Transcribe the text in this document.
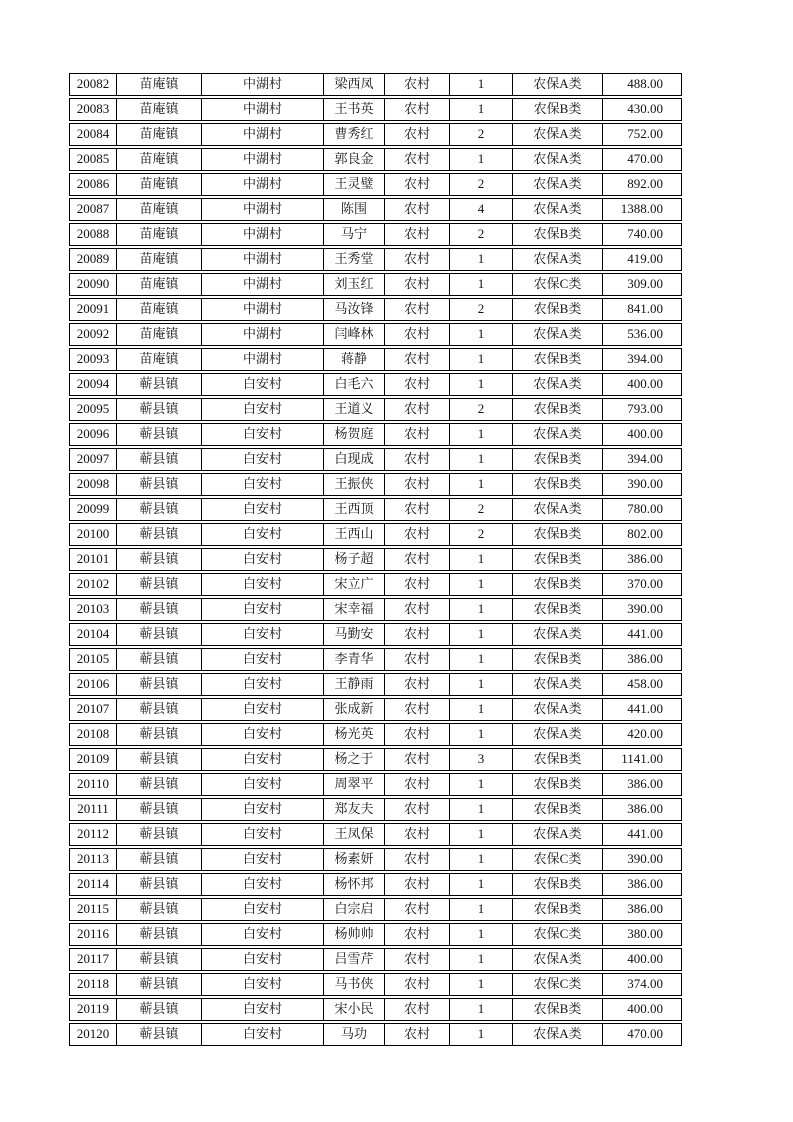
20082	苗庵镇	中湖村	梁西凤	农村	1	农保A类	488.00
20083	苗庵镇	中湖村	王书英	农村	1	农保B类	430.00
20084	苗庵镇	中湖村	曹秀红	农村	2	农保A类	752.00
20085	苗庵镇	中湖村	郭良金	农村	1	农保A类	470.00
20086	苗庵镇	中湖村	王灵璧	农村	2	农保A类	892.00
20087	苗庵镇	中湖村	陈围	农村	4	农保A类	1388.00
20088	苗庵镇	中湖村	马宁	农村	2	农保B类	740.00
20089	苗庵镇	中湖村	王秀堂	农村	1	农保A类	419.00
20090	苗庵镇	中湖村	刘玉红	农村	1	农保C类	309.00
20091	苗庵镇	中湖村	马汝锋	农村	2	农保B类	841.00
20092	苗庵镇	中湖村	闫峰林	农村	1	农保A类	536.00
20093	苗庵镇	中湖村	蒋静	农村	1	农保B类	394.00
20094	蕲县镇	白安村	白毛六	农村	1	农保A类	400.00
20095	蕲县镇	白安村	王道义	农村	2	农保B类	793.00
20096	蕲县镇	白安村	杨贺庭	农村	1	农保A类	400.00
20097	蕲县镇	白安村	白现成	农村	1	农保B类	394.00
20098	蕲县镇	白安村	王振侠	农村	1	农保B类	390.00
20099	蕲县镇	白安村	王西顶	农村	2	农保A类	780.00
20100	蕲县镇	白安村	王西山	农村	2	农保B类	802.00
20101	蕲县镇	白安村	杨子超	农村	1	农保B类	386.00
20102	蕲县镇	白安村	宋立广	农村	1	农保B类	370.00
20103	蕲县镇	白安村	宋幸福	农村	1	农保B类	390.00
20104	蕲县镇	白安村	马勤安	农村	1	农保A类	441.00
20105	蕲县镇	白安村	李青华	农村	1	农保B类	386.00
20106	蕲县镇	白安村	王静雨	农村	1	农保A类	458.00
20107	蕲县镇	白安村	张成新	农村	1	农保A类	441.00
20108	蕲县镇	白安村	杨光英	农村	1	农保A类	420.00
20109	蕲县镇	白安村	杨之于	农村	3	农保B类	1141.00
20110	蕲县镇	白安村	周翠平	农村	1	农保B类	386.00
20111	蕲县镇	白安村	郑友夫	农村	1	农保B类	386.00
20112	蕲县镇	白安村	王凤保	农村	1	农保A类	441.00
20113	蕲县镇	白安村	杨素妍	农村	1	农保C类	390.00
20114	蕲县镇	白安村	杨怀邦	农村	1	农保B类	386.00
20115	蕲县镇	白安村	白宗启	农村	1	农保B类	386.00
20116	蕲县镇	白安村	杨帅帅	农村	1	农保C类	380.00
20117	蕲县镇	白安村	吕雪芹	农村	1	农保A类	400.00
20118	蕲县镇	白安村	马书侠	农村	1	农保C类	374.00
20119	蕲县镇	白安村	宋小民	农村	1	农保B类	400.00
20120	蕲县镇	白安村	马功	农村	1	农保A类	470.00
